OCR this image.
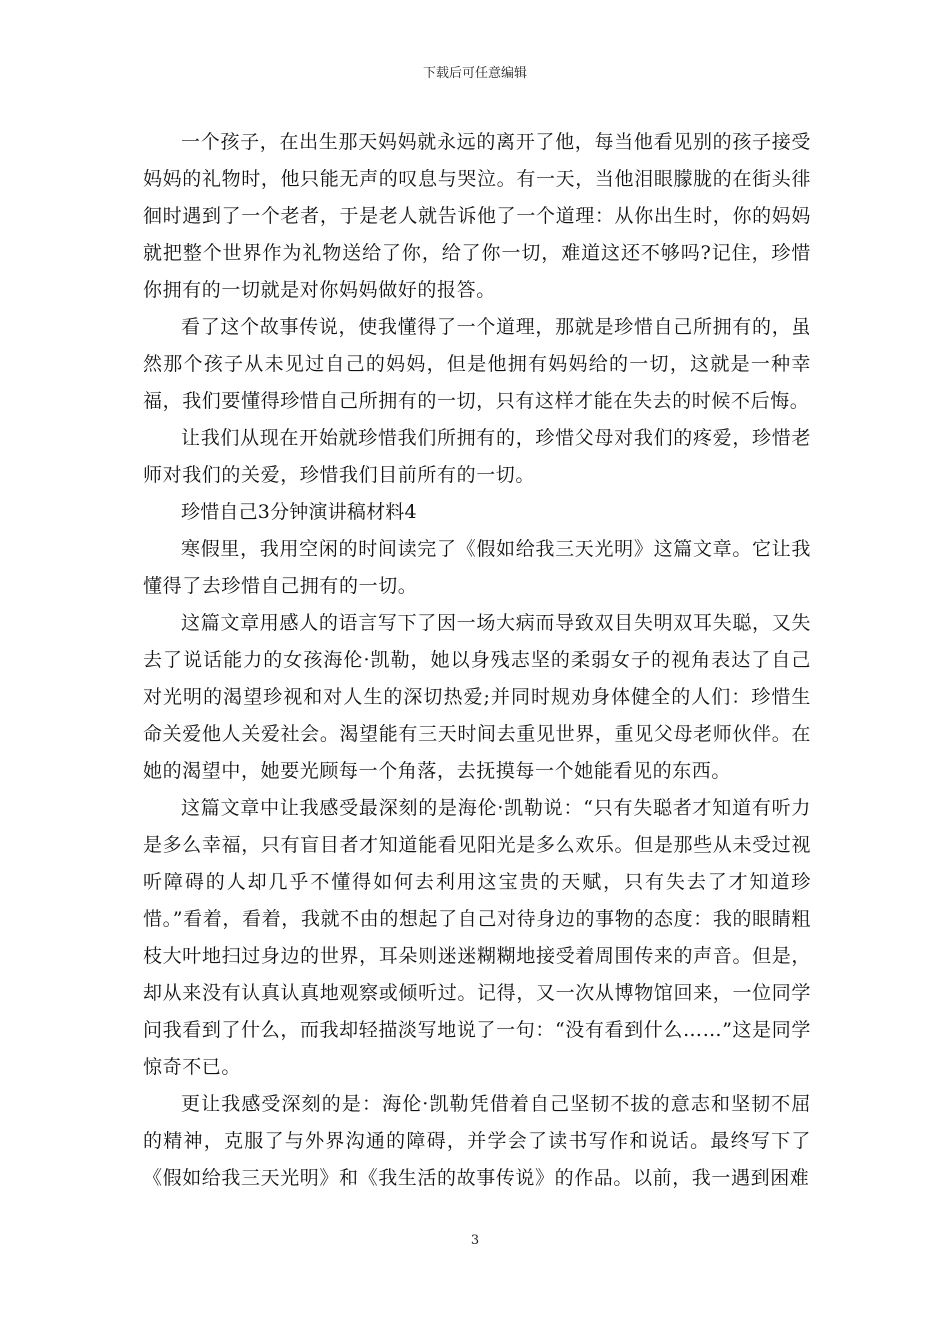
下载后可任意编辑

一个孩子，在出生那天妈妈就永远的离开了他，每当他看见别的孩子接受妈妈的礼物时，他只能无声的叹息与哭泣。有一天，当他泪眼朦胧的在街头徘徊时遇到了一个老者，于是老人就告诉他了一个道理：从你出生时，你的妈妈就把整个世界作为礼物送给了你，给了你一切，难道这还不够吗?记住，珍惜你拥有的一切就是对你妈妈做好的报答。

看了这个故事传说，使我懂得了一个道理，那就是珍惜自己所拥有的，虽然那个孩子从未见过自己的妈妈，但是他拥有妈妈给的一切，这就是一种幸福，我们要懂得珍惜自己所拥有的一切，只有这样才能在失去的时候不后悔。

让我们从现在开始就珍惜我们所拥有的，珍惜父母对我们的疼爱，珍惜老师对我们的关爱，珍惜我们目前所有的一切。

珍惜自己3分钟演讲稿材料4

寒假里，我用空闲的时间读完了《假如给我三天光明》这篇文章。它让我懂得了去珍惜自己拥有的一切。

这篇文章用感人的语言写下了因一场大病而导致双目失明双耳失聪，又失去了说话能力的女孩海伦·凯勒，她以身残志坚的柔弱女子的视角表达了自己对光明的渴望珍视和对人生的深切热爱;并同时规劝身体健全的人们：珍惜生命关爱他人关爱社会。渴望能有三天时间去重见世界，重见父母老师伙伴。在她的渴望中，她要光顾每一个角落，去抚摸每一个她能看见的东西。

这篇文章中让我感受最深刻的是海伦·凯勒说：“只有失聪者才知道有听力是多么幸福，只有盲目者才知道能看见阳光是多么欢乐。但是那些从未受过视听障碍的人却几乎不懂得如何去利用这宝贵的天赋，只有失去了才知道珍惜。”看着，看着，我就不由的想起了自己对待身边的事物的态度：我的眼睛粗枝大叶地扫过身边的世界，耳朵则迷迷糊糊地接受着周围传来的声音。但是，却从来没有认真认真地观察或倾听过。记得，又一次从博物馆回来，一位同学问我看到了什么，而我却轻描淡写地说了一句：“没有看到什么……”这是同学惊奇不已。

更让我感受深刻的是：海伦·凯勒凭借着自己坚韧不拔的意志和坚韧不屈的精神，克服了与外界沟通的障碍，并学会了读书写作和说话。最终写下了《假如给我三天光明》和《我生活的故事传说》的作品。以前，我一遇到困难

3
